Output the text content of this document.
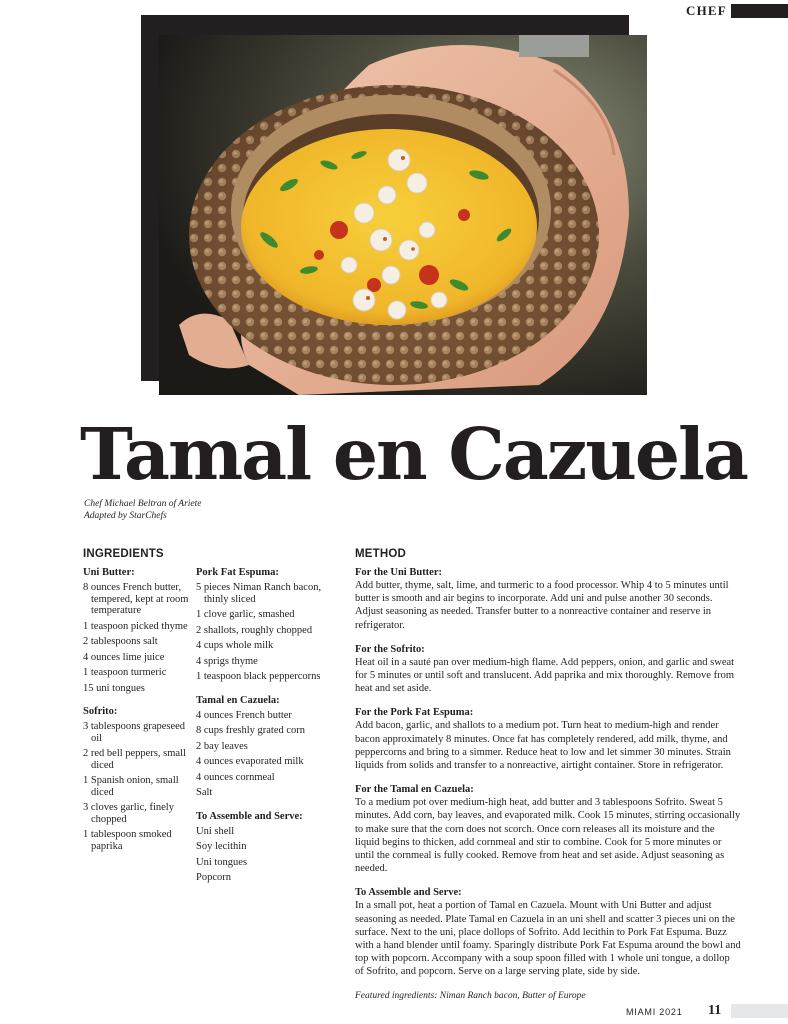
CHEF
Tamal en Cazuela
Chef Michael Beltran of Ariete
Adapted by StarChefs
INGREDIENTS
Uni Butter:
8 ounces French butter, tempered, kept at room temperature
1 teaspoon picked thyme
2 tablespoons salt
4 ounces lime juice
1 teaspoon turmeric
15 uni tongues
Sofrito:
3 tablespoons grapeseed oil
2 red bell peppers, small diced
1 Spanish onion, small diced
3 cloves garlic, finely chopped
1 tablespoon smoked paprika
Pork Fat Espuma:
5 pieces Niman Ranch bacon, thinly sliced
1 clove garlic, smashed
2 shallots, roughly chopped
4 cups whole milk
4 sprigs thyme
1 teaspoon black peppercorns
Tamal en Cazuela:
4 ounces French butter
8 cups freshly grated corn
2 bay leaves
4 ounces evaporated milk
4 ounces cornmeal
Salt
To Assemble and Serve:
Uni shell
Soy lecithin
Uni tongues
Popcorn
METHOD
For the Uni Butter:
Add butter, thyme, salt, lime, and turmeric to a food processor. Whip 4 to 5 minutes until butter is smooth and air begins to incorporate. Add uni and pulse another 30 seconds. Adjust seasoning as needed. Transfer butter to a nonreactive container and reserve in refrigerator.
For the Sofrito:
Heat oil in a sauté pan over medium-high flame. Add peppers, onion, and garlic and sweat for 5 minutes or until soft and translucent. Add paprika and mix thoroughly. Remove from heat and set aside.
For the Pork Fat Espuma:
Add bacon, garlic, and shallots to a medium pot. Turn heat to medium-high and render bacon approximately 8 minutes. Once fat has completely rendered, add milk, thyme, and peppercorns and bring to a simmer. Reduce heat to low and let simmer 30 minutes. Strain liquids from solids and transfer to a nonreactive, airtight container. Store in refrigerator.
For the Tamal en Cazuela:
To a medium pot over medium-high heat, add butter and 3 tablespoons Sofrito. Sweat 5 minutes. Add corn, bay leaves, and evaporated milk. Cook 15 minutes, stirring occasionally to make sure that the corn does not scorch. Once corn releases all its moisture and the liquid begins to thicken, add cornmeal and stir to combine. Cook for 5 more minutes or until the cornmeal is fully cooked. Remove from heat and set aside. Adjust seasoning as needed.
To Assemble and Serve:
In a small pot, heat a portion of Tamal en Cazuela. Mount with Uni Butter and adjust seasoning as needed. Plate Tamal en Cazuela in an uni shell and scatter 3 pieces uni on the surface. Next to the uni, place dollops of Sofrito. Add lecithin to Pork Fat Espuma. Buzz with a hand blender until foamy. Sparingly distribute Pork Fat Espuma around the bowl and top with popcorn. Accompany with a soup spoon filled with 1 whole uni tongue, a dollop of Sofrito, and popcorn. Serve on a large serving plate, side by side.
Featured ingredients: Niman Ranch bacon, Butter of Europe
MIAMI 2021 11
